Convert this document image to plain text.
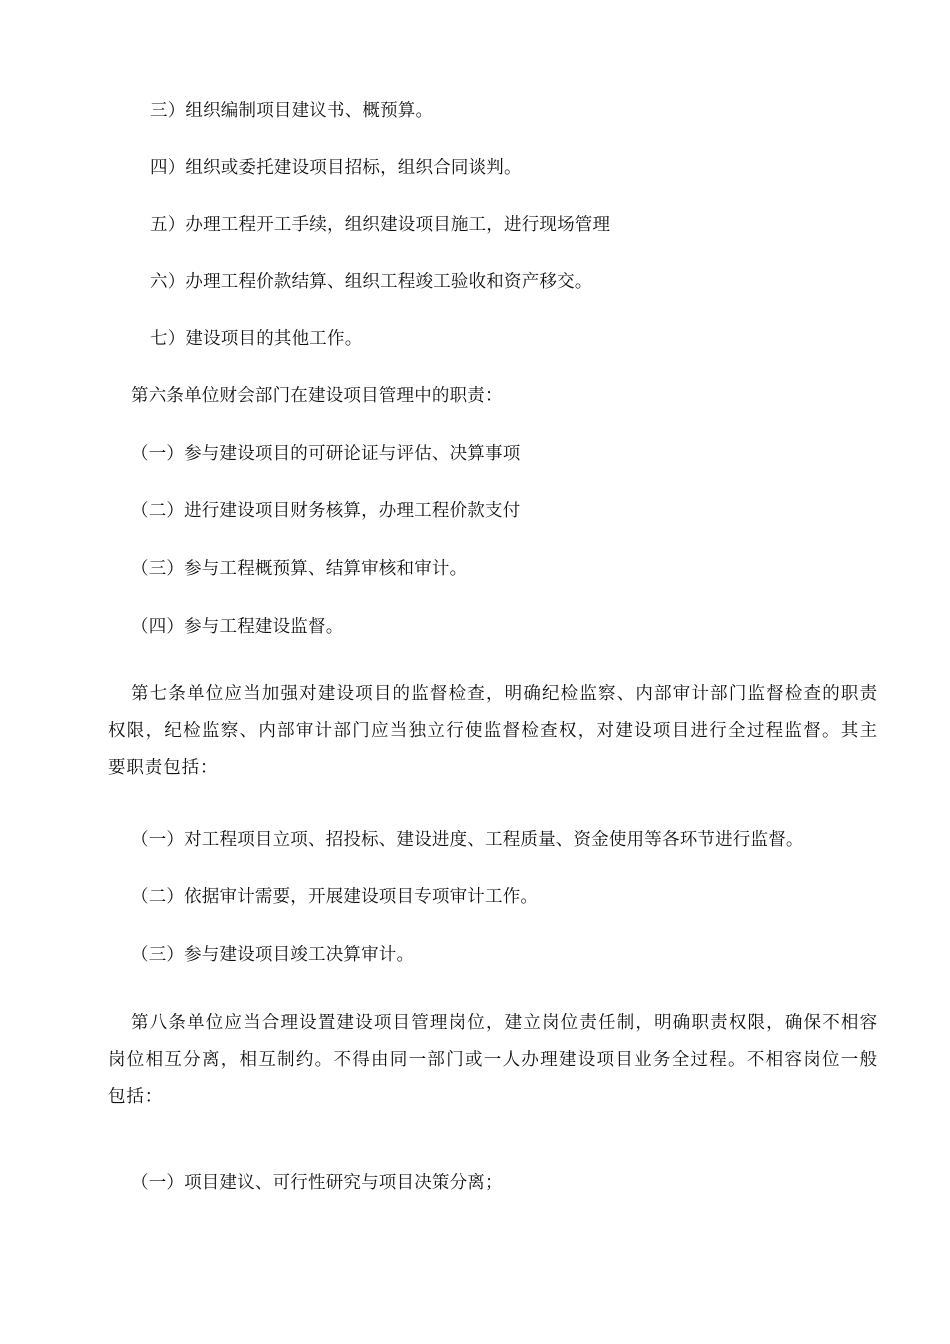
三）组织编制项目建议书、概预算。
四）组织或委托建设项目招标，组织合同谈判。
五）办理工程开工手续，组织建设项目施工，进行现场管理
六）办理工程价款结算、组织工程竣工验收和资产移交。
七）建设项目的其他工作。
第六条单位财会部门在建设项目管理中的职责：
（一）参与建设项目的可研论证与评估、决算事项
（二）进行建设项目财务核算，办理工程价款支付
（三）参与工程概预算、结算审核和审计。
（四）参与工程建设监督。
第七条单位应当加强对建设项目的监督检查，明确纪检监察、内部审计部门监督检查的职责权限，纪检监察、内部审计部门应当独立行使监督检查权，对建设项目进行全过程监督。其主要职责包括：
（一）对工程项目立项、招投标、建设进度、工程质量、资金使用等各环节进行监督。
（二）依据审计需要，开展建设项目专项审计工作。
（三）参与建设项目竣工决算审计。
第八条单位应当合理设置建设项目管理岗位，建立岗位责任制，明确职责权限，确保不相容岗位相互分离，相互制约。不得由同一部门或一人办理建设项目业务全过程。不相容岗位一般包括：
（一）项目建议、可行性研究与项目决策分离；
